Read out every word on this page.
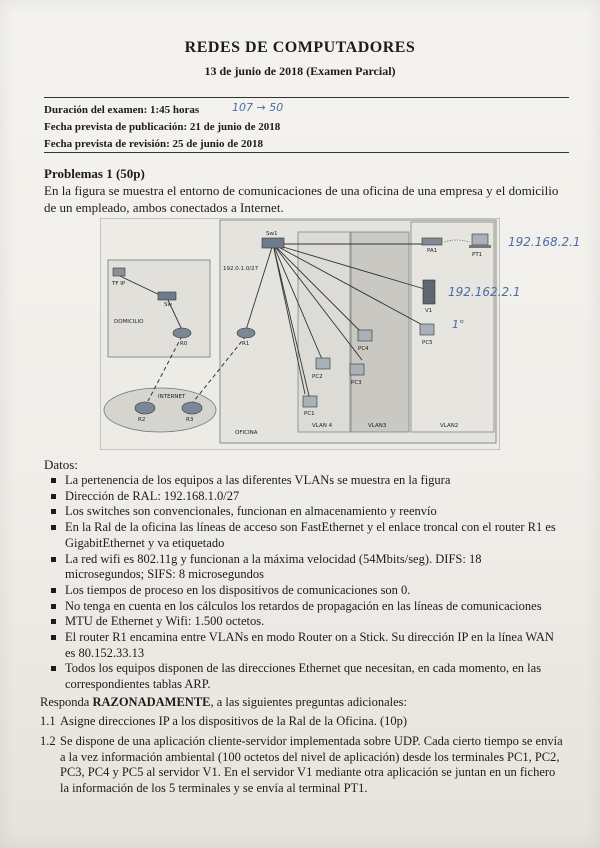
REDES DE COMPUTADORES
13 de junio de 2018 (Examen Parcial)
Duración del examen: 1:45 horas	107 → 50
Fecha prevista de publicación: 21 de junio de 2018
Fecha prevista de revisión: 25 de junio de 2018
Problemas 1 (50p)
En la figura se muestra el entorno de comunicaciones de una oficina de una empresa y el domicilio de un empleado, ambos conectados a Internet.
TF IP
Sw
DOMICILIO
R0	R1
INTERNET
R2	R3
Sw1
192.0.1.0/27
PA1
PT1
V1
PC5
PC4
PC3
PC2
PC1
OFICINA
VLAN 4	VLAN3	VLAN2
192.168.2.1
192.162.2.1
1°
Datos:
La pertenencia de los equipos a las diferentes VLANs se muestra en la figura
Dirección de RAL: 192.168.1.0/27
Los switches son convencionales, funcionan en almacenamiento y reenvío
En la Ral de la oficina las líneas de acceso son FastEthernet y el enlace troncal con el router R1 es GigabitEthernet y va etiquetado
La red wifi es 802.11g y funcionan a la máxima velocidad (54Mbits/seg). DIFS: 18 microsegundos; SIFS: 8 microsegundos
Los tiempos de proceso en los dispositivos de comunicaciones son 0.
No tenga en cuenta en los cálculos los retardos de propagación en las líneas de comunicaciones
MTU de Ethernet y Wifi: 1.500 octetos.
El router R1 encamina entre VLANs en modo Router on a Stick. Su dirección IP en la línea WAN es 80.152.33.13
Todos los equipos disponen de las direcciones Ethernet que necesitan, en cada momento, en las correspondientes tablas ARP.
Responda RAZONADAMENTE, a las siguientes preguntas adicionales:
1.1 Asigne direcciones IP a los dispositivos de la Ral de la Oficina. (10p)
1.2 Se dispone de una aplicación cliente-servidor implementada sobre UDP. Cada cierto tiempo se envía a la vez información ambiental (100 octetos del nivel de aplicación) desde los terminales PC1, PC2, PC3, PC4 y PC5 al servidor V1. En el servidor V1 mediante otra aplicación se juntan en un fichero la información de los 5 terminales y se envía al terminal PT1.
